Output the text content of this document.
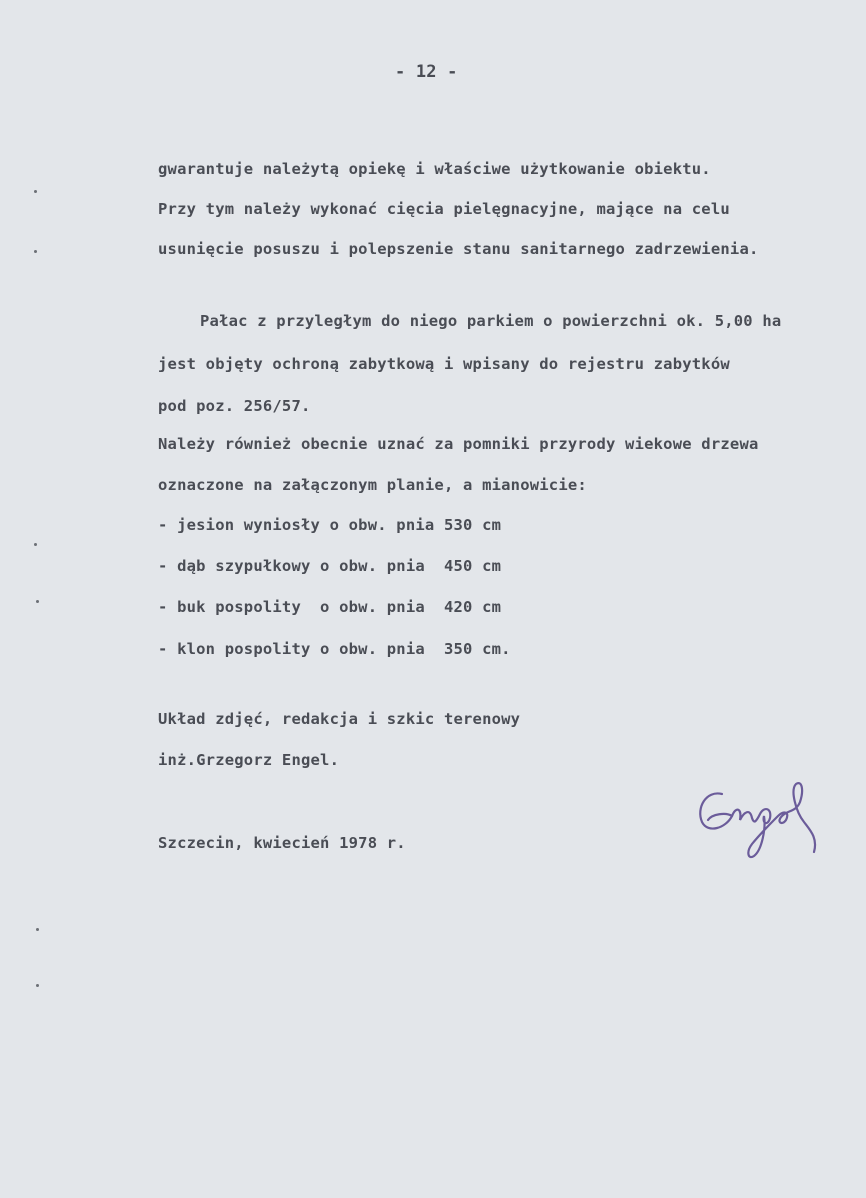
- 12 -
gwarantuje należytą opiekę i właściwe użytkowanie obiektu.
Przy tym należy wykonać cięcia pielęgnacyjne, mające na celu
usunięcie posuszu i polepszenie stanu sanitarnego zadrzewienia.
Pałac z przyległym do niego parkiem o powierzchni ok. 5,00 ha
jest objęty ochroną zabytkową i wpisany do rejestru zabytków
pod poz. 256/57.
Należy również obecnie uznać za pomniki przyrody wiekowe drzewa
oznaczone na załączonym planie, a mianowicie:
- jesion wyniosły o obw. pnia 530 cm
- dąb szypułkowy o obw. pnia  450 cm
- buk pospolity  o obw. pnia  420 cm
- klon pospolity o obw. pnia  350 cm.
Układ zdjęć, redakcja i szkic terenowy
inż.Grzegorz Engel.
Szczecin, kwiecień 1978 r.
